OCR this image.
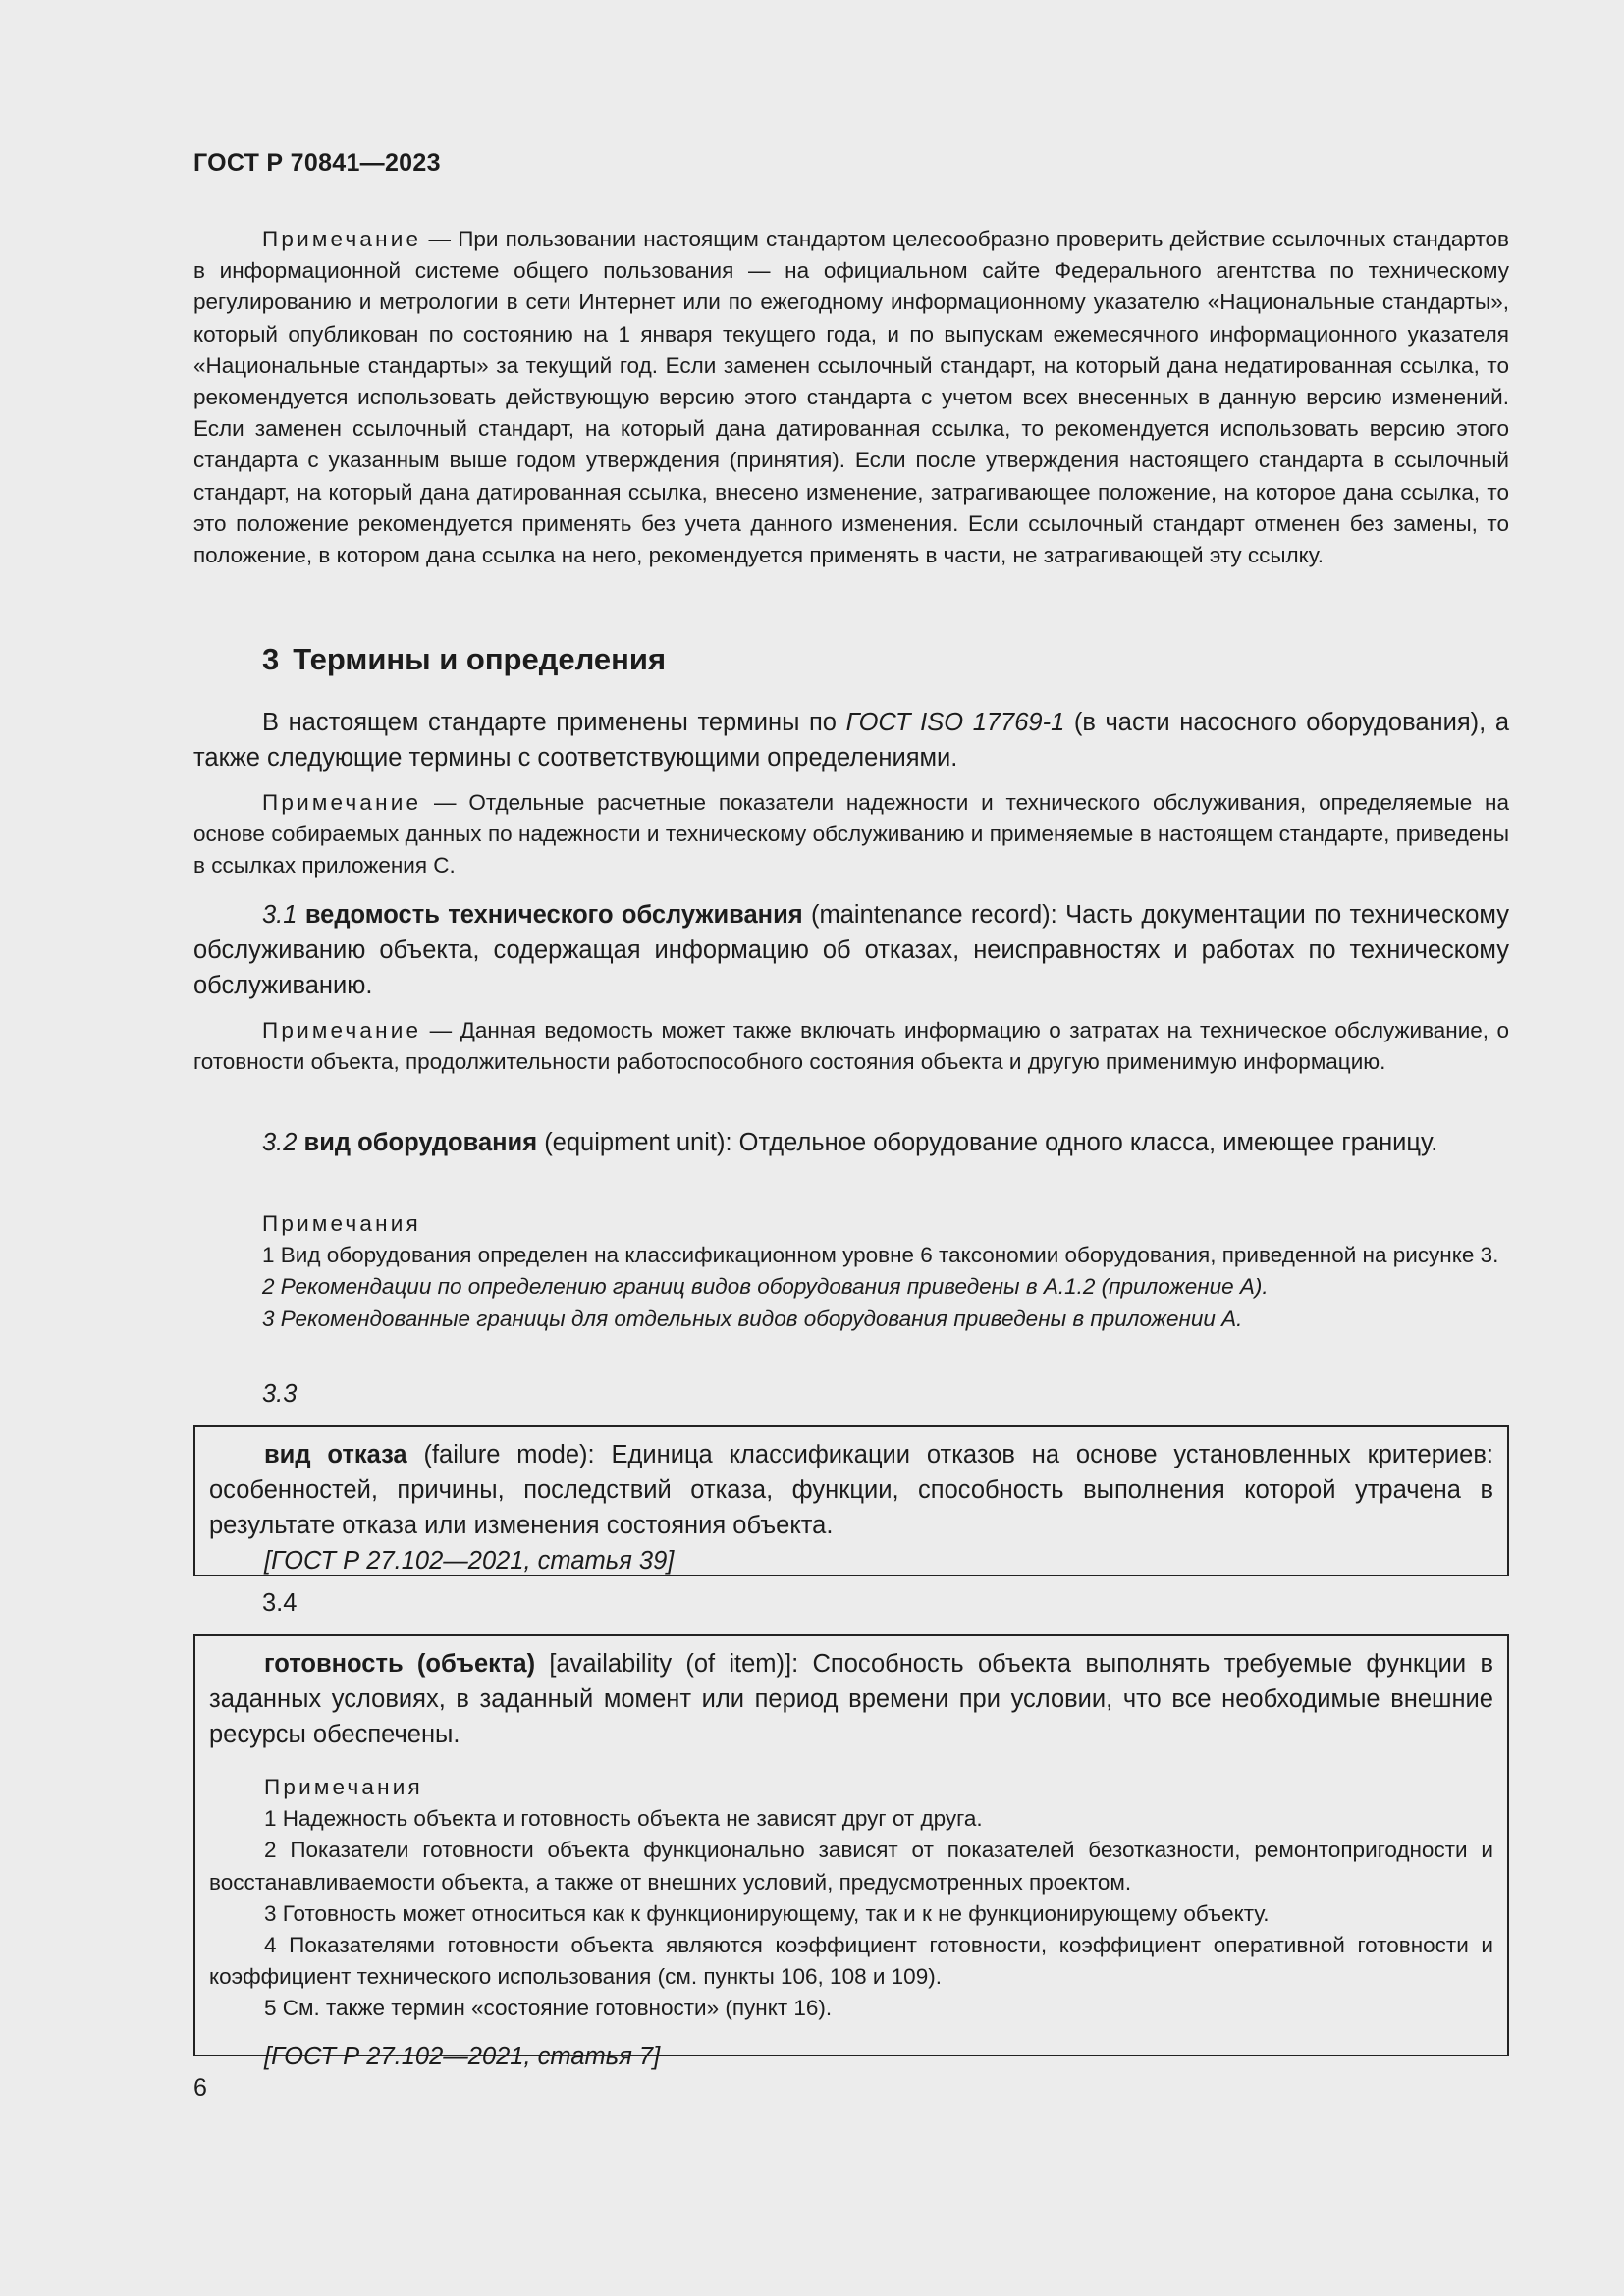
ГОСТ Р 70841—2023

Примечание — При пользовании настоящим стандартом целесообразно проверить действие ссылочных стандартов в информационной системе общего пользования — на официальном сайте Федерального агентства по техническому регулированию и метрологии в сети Интернет или по ежегодному информационному указателю «Национальные стандарты», который опубликован по состоянию на 1 января текущего года, и по выпускам ежемесячного информационного указателя «Национальные стандарты» за текущий год. Если заменен ссылочный стандарт, на который дана недатированная ссылка, то рекомендуется использовать действующую версию этого стандарта с учетом всех внесенных в данную версию изменений. Если заменен ссылочный стандарт, на который дана датированная ссылка, то рекомендуется использовать версию этого стандарта с указанным выше годом утверждения (принятия). Если после утверждения настоящего стандарта в ссылочный стандарт, на который дана датированная ссылка, внесено изменение, затрагивающее положение, на которое дана ссылка, то это положение рекомендуется применять без учета данного изменения. Если ссылочный стандарт отменен без замены, то положение, в котором дана ссылка на него, рекомендуется применять в части, не затрагивающей эту ссылку.

3 Термины и определения

В настоящем стандарте применены термины по ГОСТ ISO 17769-1 (в части насосного оборудования), а также следующие термины с соответствующими определениями.

Примечание — Отдельные расчетные показатели надежности и технического обслуживания, определяемые на основе собираемых данных по надежности и техническому обслуживанию и применяемые в настоящем стандарте, приведены в ссылках приложения С.

3.1 ведомость технического обслуживания (maintenance record): Часть документации по техническому обслуживанию объекта, содержащая информацию об отказах, неисправностях и работах по техническому обслуживанию.

Примечание — Данная ведомость может также включать информацию о затратах на техническое обслуживание, о готовности объекта, продолжительности работоспособного состояния объекта и другую применимую информацию.

3.2 вид оборудования (equipment unit): Отдельное оборудование одного класса, имеющее границу.

Примечания

1 Вид оборудования определен на классификационном уровне 6 таксономии оборудования, приведенной на рисунке 3.

2 Рекомендации по определению границ видов оборудования приведены в А.1.2 (приложение А).

3 Рекомендованные границы для отдельных видов оборудования приведены в приложении А.

3.3

вид отказа (failure mode): Единица классификации отказов на основе установленных критериев: особенностей, причины, последствий отказа, функции, способность выполнения которой утрачена в результате отказа или изменения состояния объекта.

[ГОСТ Р 27.102—2021, статья 39]

3.4

готовность (объекта) [availability (of item)]: Способность объекта выполнять требуемые функции в заданных условиях, в заданный момент или период времени при условии, что все необходимые внешние ресурсы обеспечены.

Примечания

1 Надежность объекта и готовность объекта не зависят друг от друга.

2 Показатели готовности объекта функционально зависят от показателей безотказности, ремонтопригодности и восстанавливаемости объекта, а также от внешних условий, предусмотренных проектом.

3 Готовность может относиться как к функционирующему, так и к не функционирующему объекту.

4 Показателями готовности объекта являются коэффициент готовности, коэффициент оперативной готовности и коэффициент технического использования (см. пункты 106, 108 и 109).

5 См. также термин «состояние готовности» (пункт 16).

[ГОСТ Р 27.102—2021, статья 7]

6
